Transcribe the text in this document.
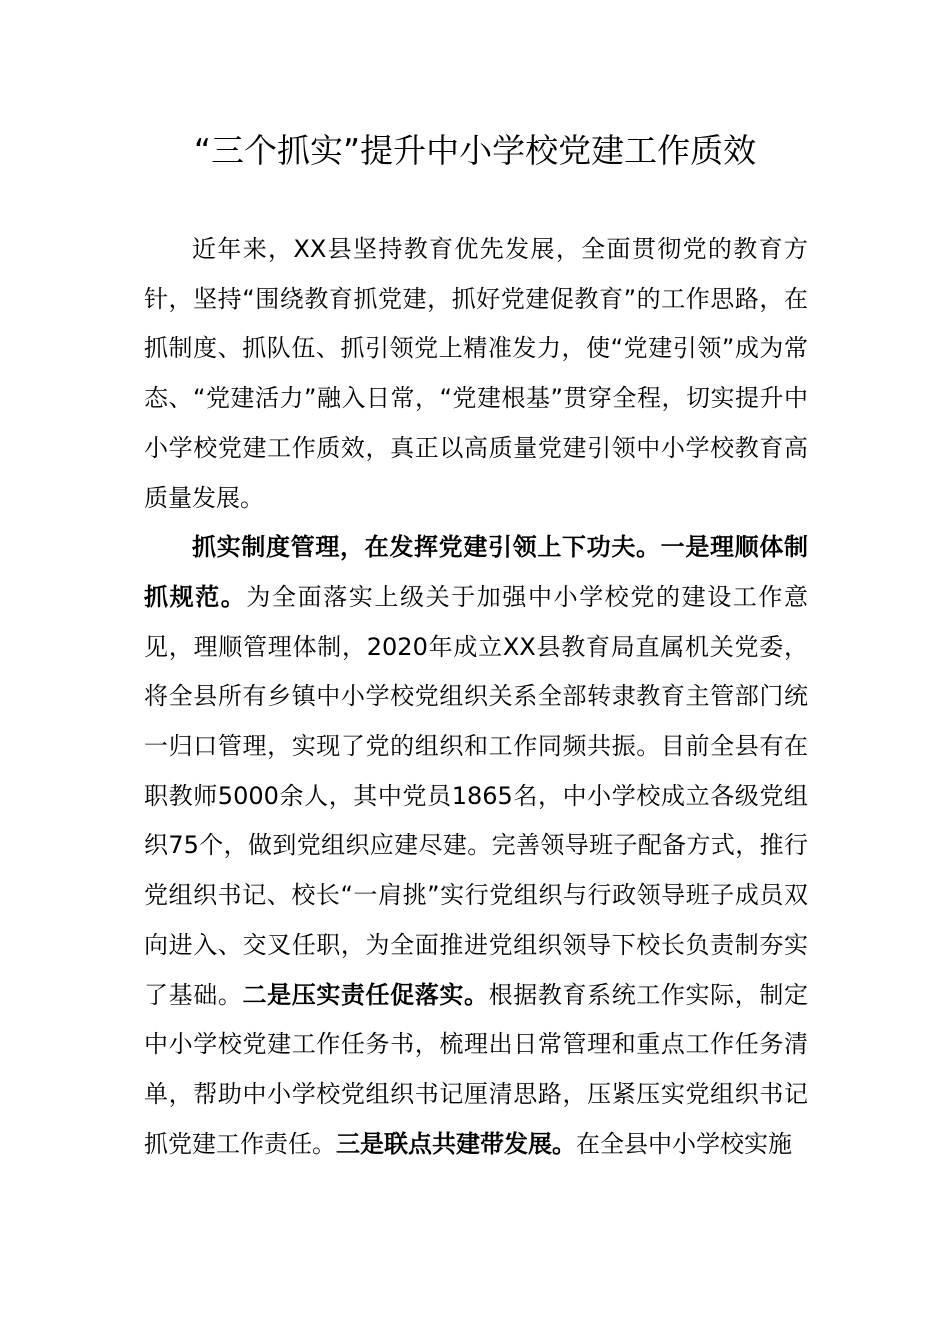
“三个抓实”提升中小学校党建工作质效

近年来，XX县坚持教育优先发展，全面贯彻党的教育方针，坚持“围绕教育抓党建，抓好党建促教育”的工作思路，在抓制度、抓队伍、抓引领党上精准发力，使“党建引领”成为常态、“党建活力”融入日常，“党建根基”贯穿全程，切实提升中小学校党建工作质效，真正以高质量党建引领中小学校教育高质量发展。

抓实制度管理，在发挥党建引领上下功夫。一是理顺体制抓规范。为全面落实上级关于加强中小学校党的建设工作意见，理顺管理体制，2020年成立XX县教育局直属机关党委，将全县所有乡镇中小学校党组织关系全部转隶教育主管部门统一归口管理，实现了党的组织和工作同频共振。目前全县有在职教师5000余人，其中党员1865名，中小学校成立各级党组织75个，做到党组织应建尽建。完善领导班子配备方式，推行党组织书记、校长“一肩挑”实行党组织与行政领导班子成员双向进入、交叉任职，为全面推进党组织领导下校长负责制夯实了基础。二是压实责任促落实。根据教育系统工作实际，制定中小学校党建工作任务书，梳理出日常管理和重点工作任务清单，帮助中小学校党组织书记厘清思路，压紧压实党组织书记抓党建工作责任。三是联点共建带发展。在全县中小学校实施
